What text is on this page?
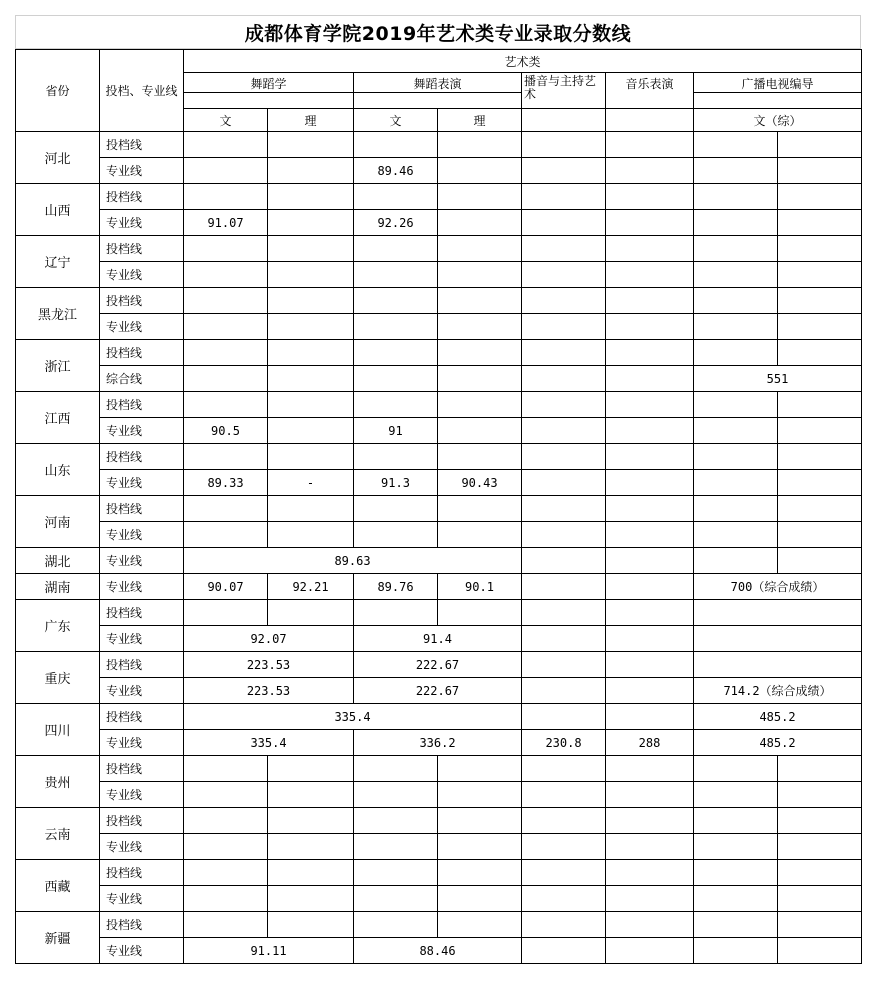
成都体育学院2019年艺术类专业录取分数线
省份	投档、专业线	艺术类							
		舞蹈学		舞蹈表演		播音与主持艺术	音乐表演	广播电视编导	

		文	理	文	理			文（综）	
河北	投档线								
	专业线			89.46					
山西	投档线								
	专业线	91.07		92.26					
辽宁	投档线								
	专业线								
黑龙江	投档线								
	专业线								
浙江	投档线								
	综合线							551	
江西	投档线								
	专业线	90.5		91					
山东	投档线								
	专业线	89.33	-	91.3	90.43				
河南	投档线								
	专业线								
湖北	专业线	89.63							
湖南	专业线	90.07	92.21	89.76	90.1			700（综合成绩）	
广东	投档线								
	专业线	92.07		91.4					
重庆	投档线	223.53		222.67					
	专业线	223.53		222.67				714.2（综合成绩）	
四川	投档线	335.4						485.2	
	专业线	335.4		336.2		230.8	288	485.2	
贵州	投档线								
	专业线								
云南	投档线								
	专业线								
西藏	投档线								
	专业线								
新疆	投档线								
	专业线	91.11		88.46					
